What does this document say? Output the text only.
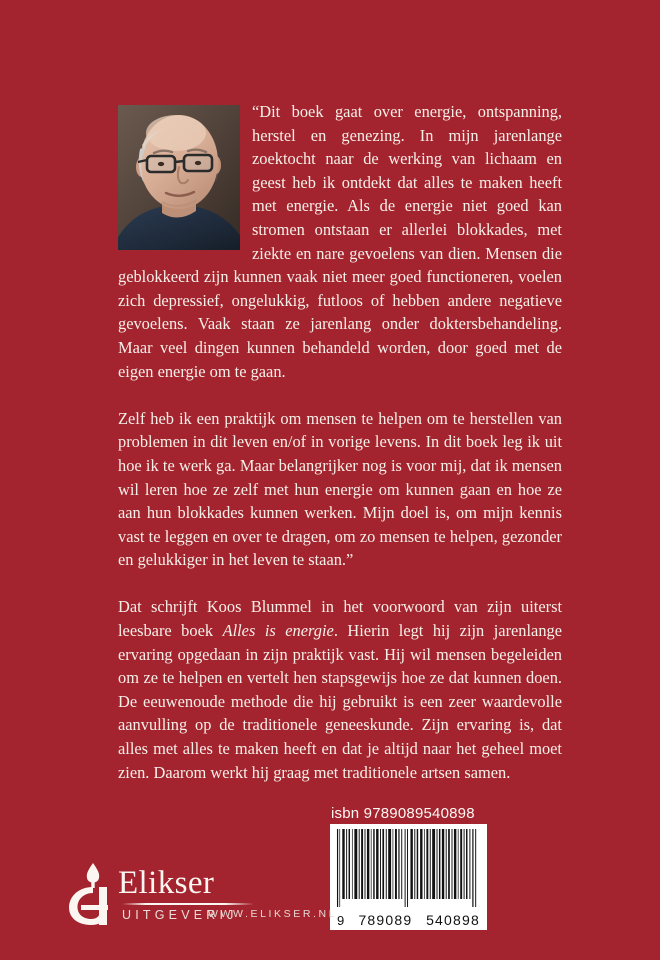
“Dit boek gaat over energie, ontspanning, herstel en genezing. In mijn jarenlange zoektocht naar de werking van lichaam en geest heb ik ontdekt dat alles te maken heeft met energie. Als de energie niet goed kan stromen ontstaan er allerlei blokkades, met ziekte en nare gevoelens van dien. Mensen die geblokkeerd zijn kunnen vaak niet meer goed functioneren, voelen zich depressief, ongelukkig, futloos of hebben andere negatieve gevoelens. Vaak staan ze jarenlang onder doktersbehandeling. Maar veel dingen kunnen behandeld worden, door goed met de eigen energie om te gaan.

Zelf heb ik een praktijk om mensen te helpen om te herstellen van problemen in dit leven en/of in vorige levens. In dit boek leg ik uit hoe ik te werk ga. Maar belangrijker nog is voor mij, dat ik mensen wil leren hoe ze zelf met hun energie om kunnen gaan en hoe ze aan hun blokkades kunnen werken. Mijn doel is, om mijn kennis vast te leggen en over te dragen, om zo mensen te helpen, gezonder en gelukkiger in het leven te staan.”

Dat schrijft Koos Blummel in het voorwoord van zijn uiterst leesbare boek Alles is energie. Hierin legt hij zijn jarenlange ervaring opgedaan in zijn praktijk vast. Hij wil mensen begeleiden om ze te helpen en vertelt hen stapsgewijs hoe ze dat kunnen doen. De eeuwenoude methode die hij gebruikt is een zeer waardevolle aanvulling op de traditionele geneeskunde. Zijn ervaring is, dat alles met alles te maken heeft en dat je altijd naar het geheel moet zien. Daarom werkt hij graag met traditionele artsen samen.

isbn 9789089540898
9 789089 540898
Elikser
UITGEVERIJ
WWW.ELIKSER.NL
